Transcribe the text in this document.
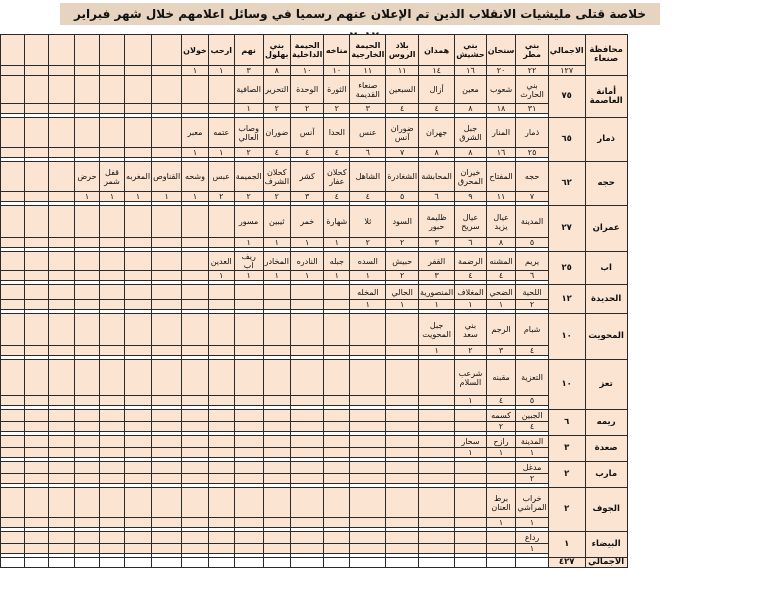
خلاصة قتلى مليشيات الانقلاب الذين تم الإعلان عنهم رسميا في وسائل اعلامهم خلال شهر فبراير
محافظة صنعاء	الاجمالي	بني مطر	سنحان	بني حشيش	همدان	بلاد الروس	الحيمة الخارجية	مناخه	الحيمة الداخلية	بني بهلول	نهم	ارحب	خولان							
	١٢٧	٢٢	٢٠	١٦	١٤	١١	١١	١٠	١٠	٨	٣	١	١							
أمانة العاصمة	٧٥	بني الحارث	شعوب	معين	أزال	السبعين	صنعاء القديمة	الثورة	الوحدة	التحرير	الصافية									
		٣١	١٨	٨	٤	٤	٣	٢	٢	٢	١									

ذمار	٦٥	ذمار	المنار	جبل الشرق	جهران	ضوران آنس	عنس	الحدا	آنس	ضوران	وصاب العالي	عتمه	معبر							
		٢٥	١٦	٨	٨	٧	٦	٤	٤	٤	٢	١	١							

حجه	٦٢	حجه	المفتاح	خيران المحرق	المحابشة	الشغادرة	الشاهل	كحلان عفار	كشر	كحلان الشرف	الجميمة	عبس	وشحه	القناوص	المغربه	قفل شمر	حرض			
		٧	١١	٩	٦	٥	٤	٤	٣	٢	٢	٢	١	١	١	١	١			

عمران	٢٧	المدينة	عيال يزيد	عيال سريح	ظليمة حبور	السود	ثلا	شهارة	خمر	ثيبين	مسور									
		٥	٨	٦	٣	٢	٢	١	١	١	١									

اب	٢٥	يريم	المشنه	الرضمة	القفر	حبيش	السده	جبله	النادره	المخادر	ريف اب	العدين								
		٦	٤	٤	٣	٢	١	١	١	١	١	١								

الحديدة	١٢	اللحية	الضحي	المغلاف	المنصورية	الحالي	المخله													
		٢	١	١	١	١	١													

المحويت	١٠	شبام	الرجم	بني سعد	جبل المحويت															
		٤	٣	٢	١															

تعز	١٠	التعزية	مقبنه	شرعب السلام																
		٥	٤	١																

ريمه	٦	الجبين	كسمه																	
		٤	٢																	

صعدة	٣	المدينة	رازح	سحار																
		١	١	١																

مارب	٢	مدغل																		
		٢																		

الجوف	٢	خراب المراشي	برط العنان																	
		١	١																	

البيضاء	١	رداع																		
		١																		

الاجمالي	٤٢٧																			
